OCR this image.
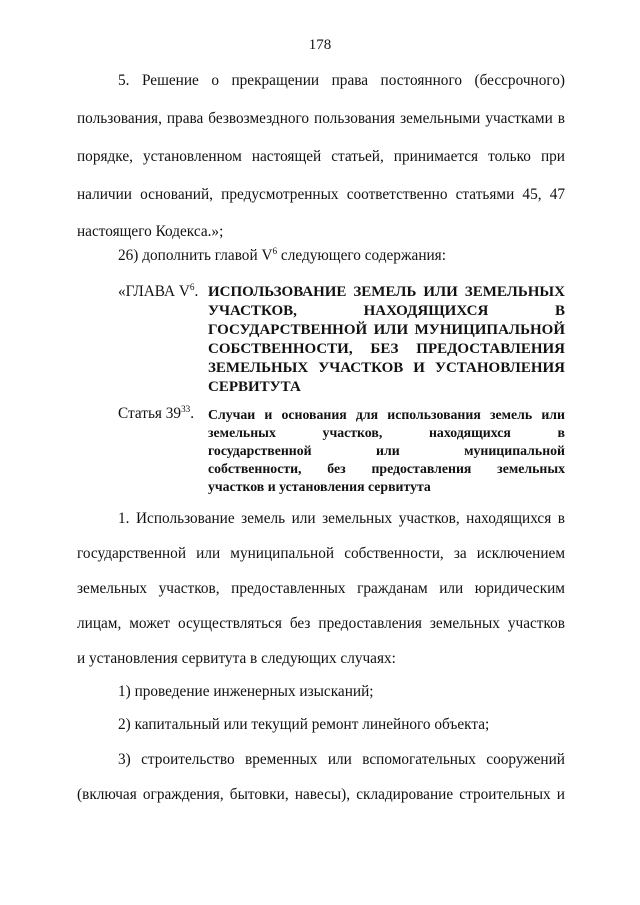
178
5. Решение о прекращении права постоянного (бессрочного)
пользования, права безвозмездного пользования земельными участками в
порядке, установленном настоящей статьей, принимается только при
наличии оснований, предусмотренных соответственно статьями 45, 47
настоящего Кодекса.»;
26) дополнить главой $V^6$ следующего содержания:
«ГЛАВА $V^6$. ИСПОЛЬЗОВАНИЕ ЗЕМЕЛЬ ИЛИ ЗЕМЕЛЬНЫХ
УЧАСТКОВ, НАХОДЯЩИХСЯ В
ГОСУДАРСТВЕННОЙ ИЛИ МУНИЦИПАЛЬНОЙ
СОБСТВЕННОСТИ, БЕЗ ПРЕДОСТАВЛЕНИЯ
ЗЕМЕЛЬНЫХ УЧАСТКОВ И УСТАНОВЛЕНИЯ
СЕРВИТУТА
Статья $39^{33}$. Случаи и основания для использования земель или
земельных участков, находящихся в
государственной или муниципальной
собственности, без предоставления земельных
участков и установления сервитута
1. Использование земель или земельных участков, находящихся в
государственной или муниципальной собственности, за исключением
земельных участков, предоставленных гражданам или юридическим
лицам, может осуществляться без предоставления земельных участков
и установления сервитута в следующих случаях:
1) проведение инженерных изысканий;
2) капитальный или текущий ремонт линейного объекта;
3) строительство временных или вспомогательных сооружений
(включая ограждения, бытовки, навесы), складирование строительных и
